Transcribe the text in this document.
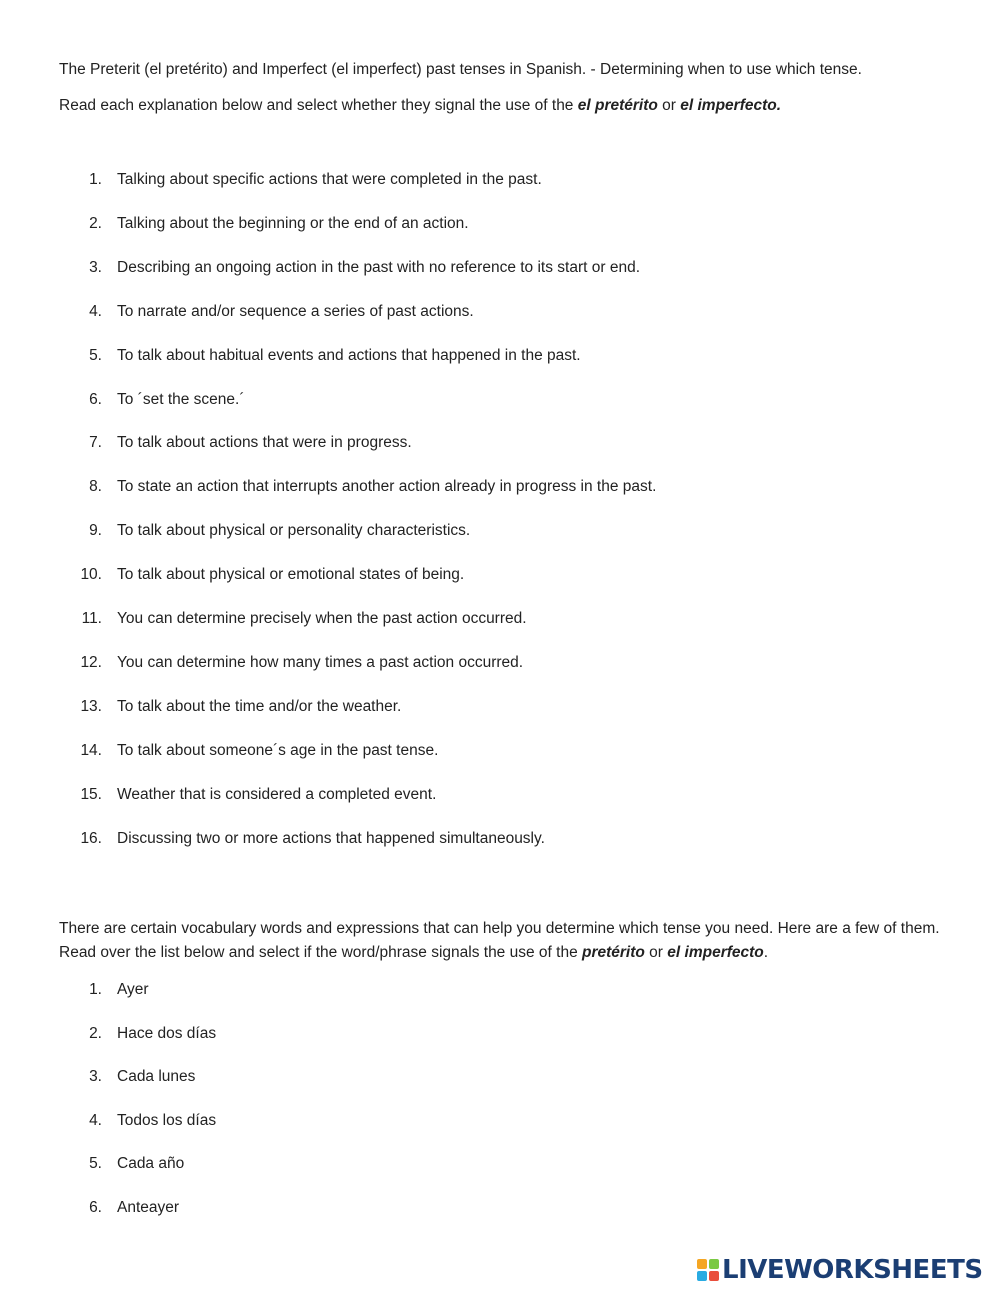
The Preterit (el pretérito) and Imperfect (el imperfect) past tenses in Spanish. - Determining when to use which tense.

Read each explanation below and select whether they signal the use of the el pretérito or el imperfecto.

1. Talking about specific actions that were completed in the past.
2. Talking about the beginning or the end of an action.
3. Describing an ongoing action in the past with no reference to its start or end.
4. To narrate and/or sequence a series of past actions.
5. To talk about habitual events and actions that happened in the past.
6. To ´set the scene.´
7. To talk about actions that were in progress.
8. To state an action that interrupts another action already in progress in the past.
9. To talk about physical or personality characteristics.
10. To talk about physical or emotional states of being.
11. You can determine precisely when the past action occurred.
12. You can determine how many times a past action occurred.
13. To talk about the time and/or the weather.
14. To talk about someone´s age in the past tense.
15. Weather that is considered a completed event.
16. Discussing two or more actions that happened simultaneously.

There are certain vocabulary words and expressions that can help you determine which tense you need. Here are a few of them. Read over the list below and select if the word/phrase signals the use of the pretérito or el imperfecto.

1. Ayer
2. Hace dos días
3. Cada lunes
4. Todos los días
5. Cada año
6. Anteayer
LIVEWORKSHEETS
